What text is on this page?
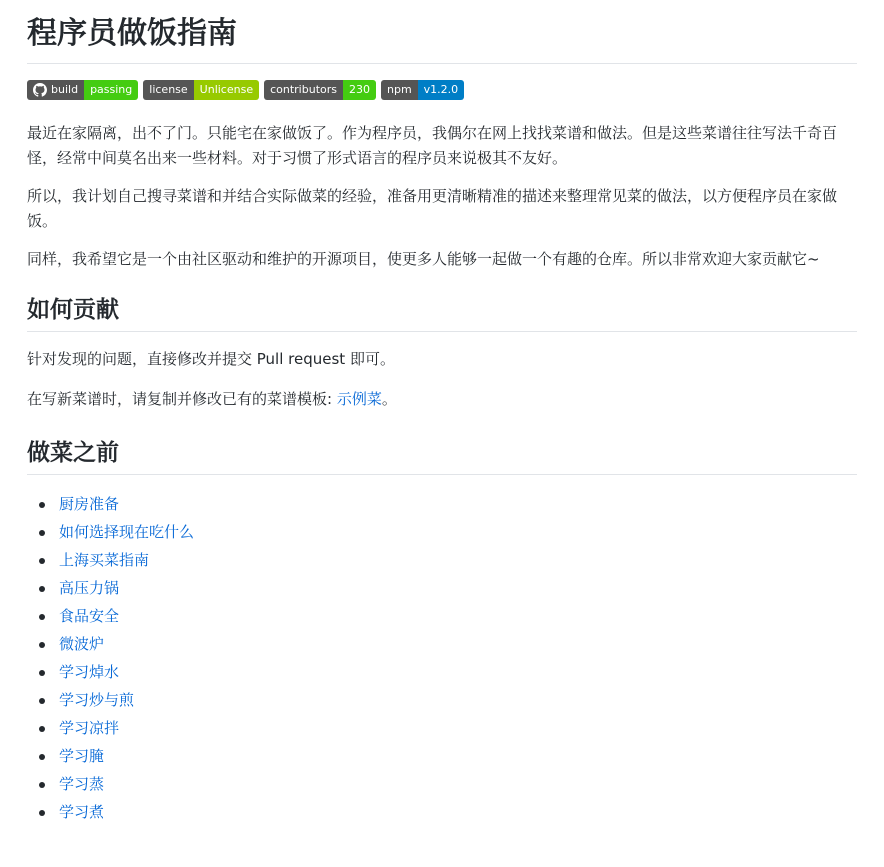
程序员做饭指南
build	passing	license	Unlicense	contributors	230	npm	v1.2.0

最近在家隔离，出不了门。只能宅在家做饭了。作为程序员，我偶尔在网上找找菜谱和做法。但是这些菜谱往往写法千奇百怪，经常中间莫名出来一些材料。对于习惯了形式语言的程序员来说极其不友好。

所以，我计划自己搜寻菜谱和并结合实际做菜的经验，准备用更清晰精准的描述来整理常见菜的做法，以方便程序员在家做饭。

同样，我希望它是一个由社区驱动和维护的开源项目，使更多人能够一起做一个有趣的仓库。所以非常欢迎大家贡献它~

如何贡献

针对发现的问题，直接修改并提交 Pull request 即可。

在写新菜谱时，请复制并修改已有的菜谱模板: 示例菜。

做菜之前
厨房准备
如何选择现在吃什么
上海买菜指南
高压力锅
食品安全
微波炉
学习焯水
学习炒与煎
学习凉拌
学习腌
学习蒸
学习煮
